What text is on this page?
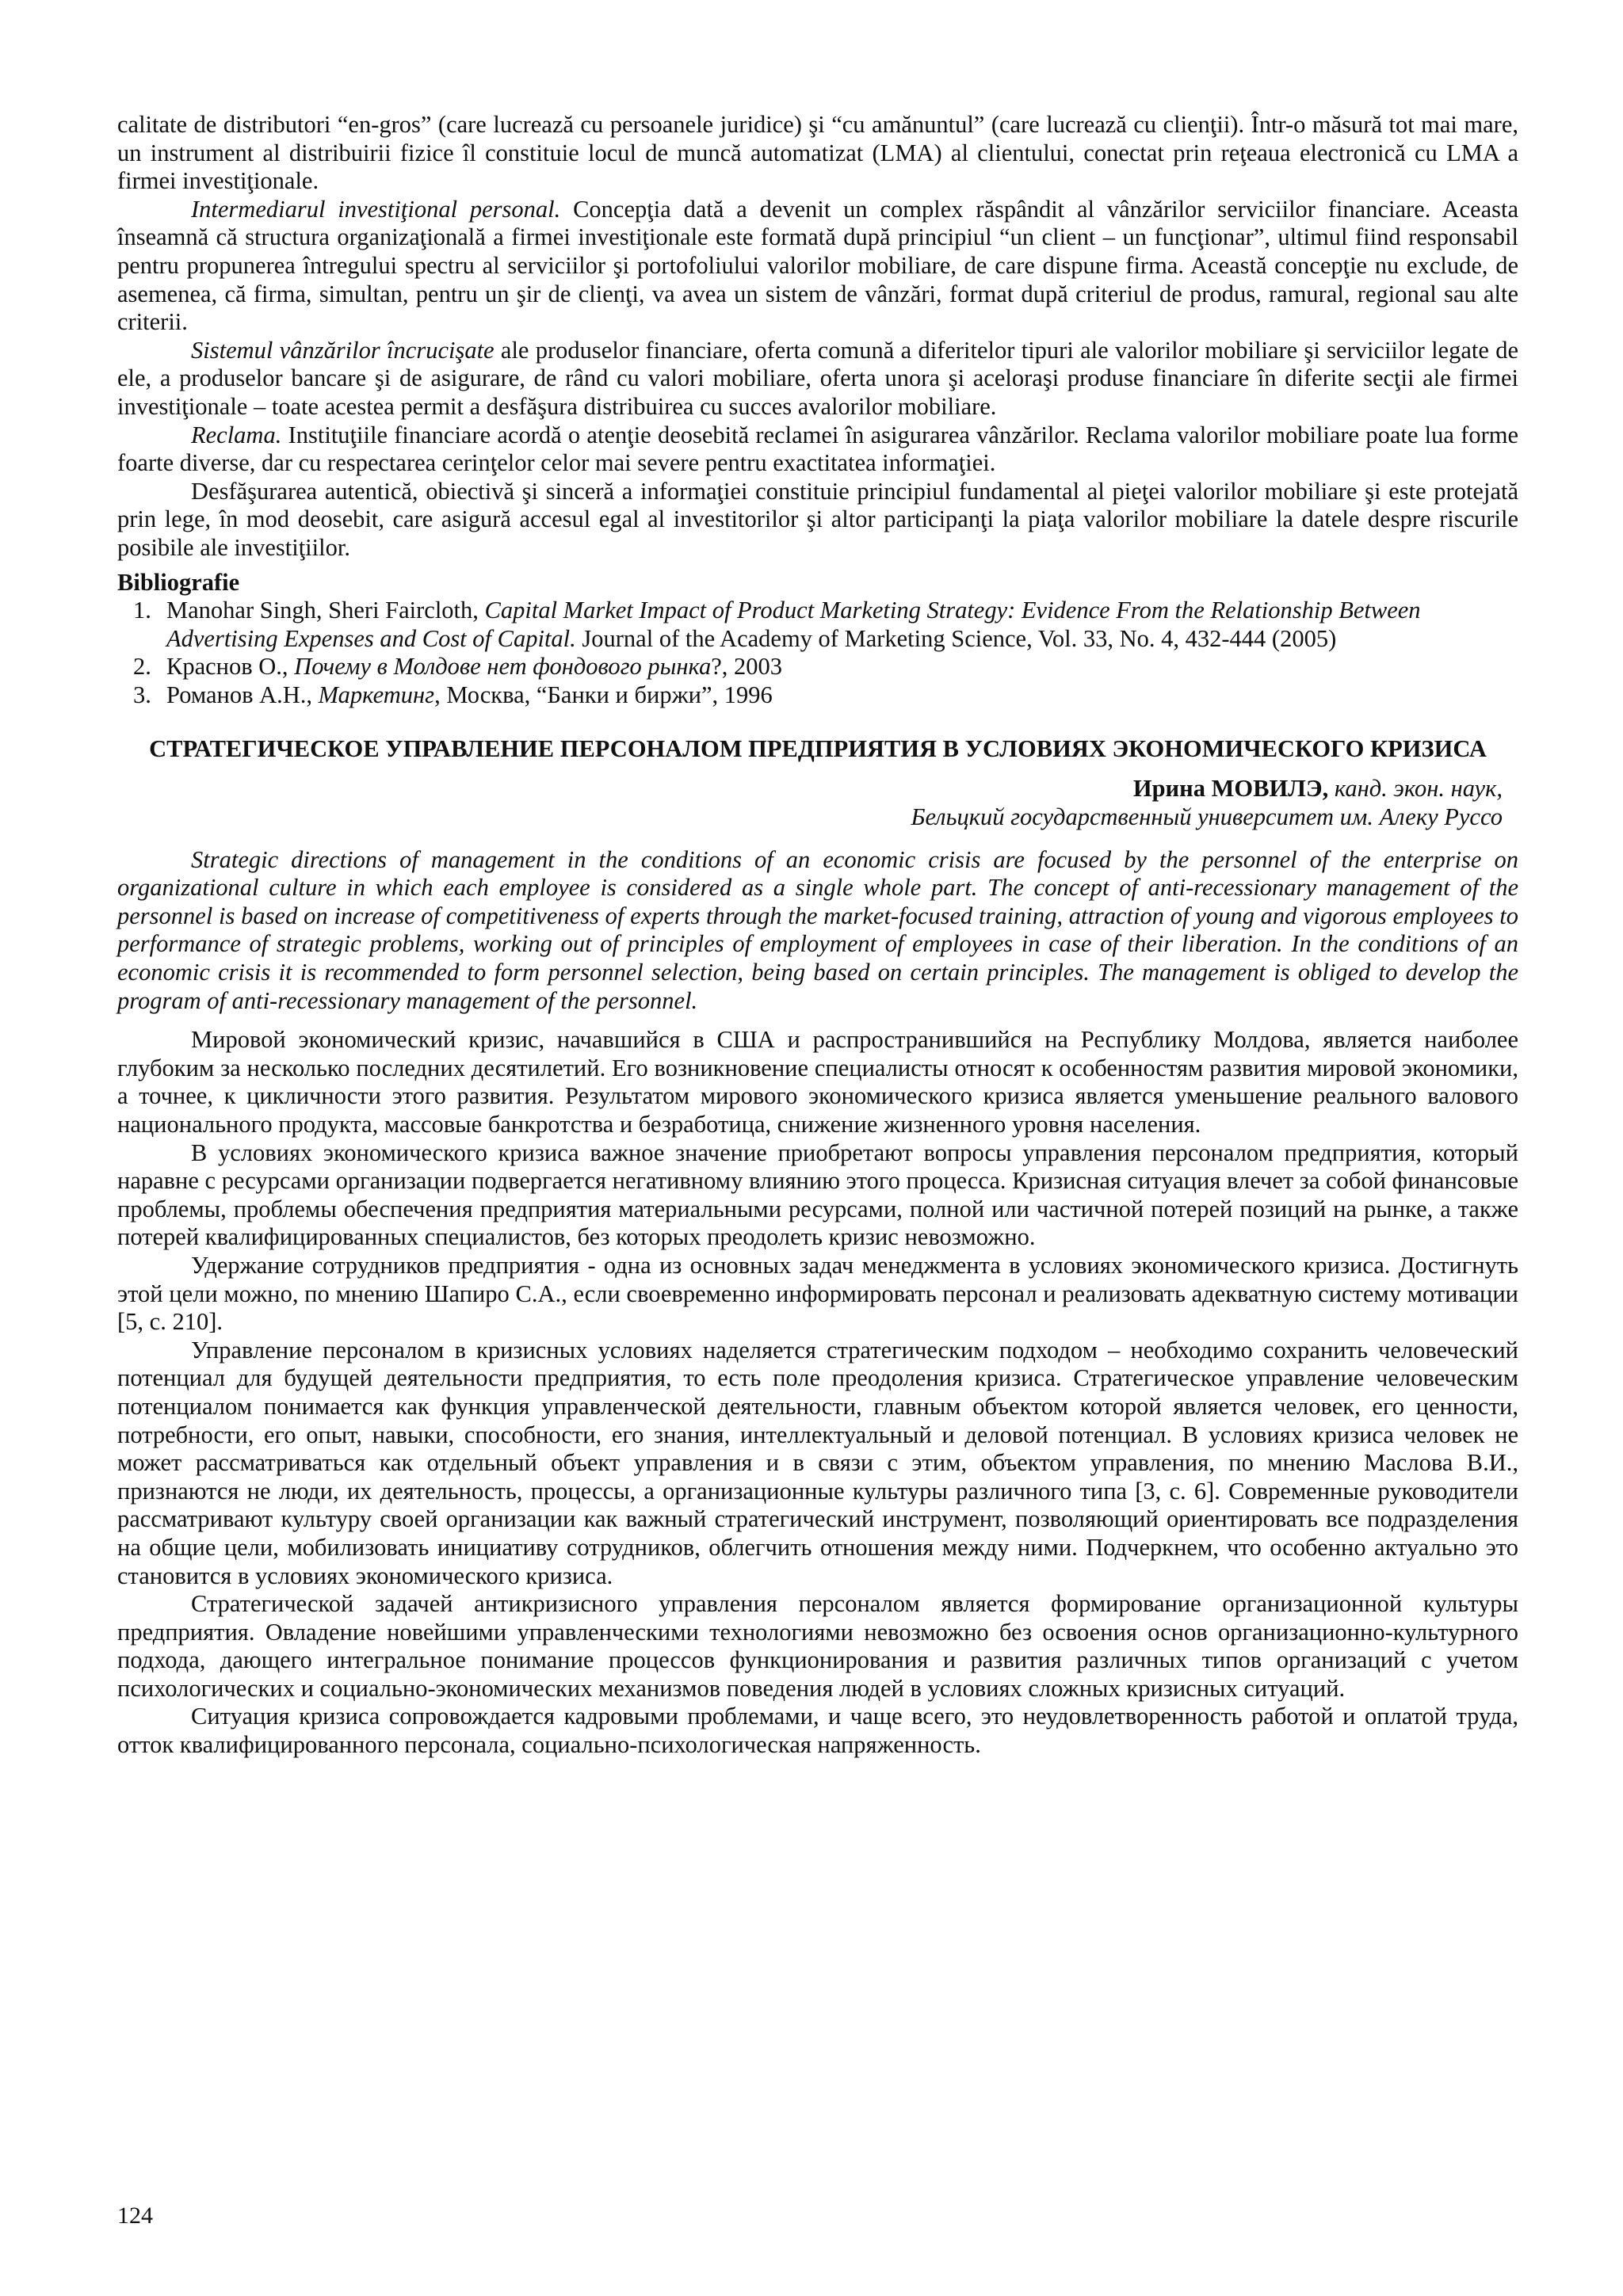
calitate de distributori “en-gros” (care lucrează cu persoanele juridice) şi “cu amănuntul” (care lucrează cu clienţii). Într-o măsură tot mai mare, un instrument al distribuirii fizice îl constituie locul de muncă automatizat (LMA) al clientului, conectat prin reţeaua electronică cu LMA a firmei investiţionale.

Intermediarul investiţional personal. Concepţia dată a devenit un complex răspândit al vânzărilor serviciilor financiare. Aceasta înseamnă că structura organizaţională a firmei investiţionale este formată după principiul “un client – un funcţionar”, ultimul fiind responsabil pentru propunerea întregului spectru al serviciilor şi portofoliului valorilor mobiliare, de care dispune firma. Această concepţie nu exclude, de asemenea, că firma, simultan, pentru un şir de clienţi, va avea un sistem de vânzări, format după criteriul de produs, ramural, regional sau alte criterii.

Sistemul vânzărilor încrucişate ale produselor financiare, oferta comună a diferitelor tipuri ale valorilor mobiliare şi serviciilor legate de ele, a produselor bancare şi de asigurare, de rând cu valori mobiliare, oferta unora şi aceloraşi produse financiare în diferite secţii ale firmei investiţionale – toate acestea permit a desfăşura distribuirea cu succes avalorilor mobiliare.

Reclama. Instituţiile financiare acordă o atenţie deosebită reclamei în asigurarea vânzărilor. Reclama valorilor mobiliare poate lua forme foarte diverse, dar cu respectarea cerinţelor celor mai severe pentru exactitatea informaţiei.

Desfăşurarea autentică, obiectivă şi sinceră a informaţiei constituie principiul fundamental al pieţei valorilor mobiliare şi este protejată prin lege, în mod deosebit, care asigură accesul egal al investitorilor şi altor participanţi la piaţa valorilor mobiliare la datele despre riscurile posibile ale investiţiilor.

Bibliografie
1. Manohar Singh, Sheri Faircloth, Capital Market Impact of Product Marketing Strategy: Evidence From the Relationship Between Advertising Expenses and Cost of Capital. Journal of the Academy of Marketing Science, Vol. 33, No. 4, 432-444 (2005)
2. Краснов О., Почему в Молдове нет фондового рынка?, 2003
3. Романов А.Н., Маркетинг, Москва, “Банки и биржи”, 1996
СТРАТЕГИЧЕСКОЕ УПРАВЛЕНИЕ ПЕРСОНАЛОМ ПРЕДПРИЯТИЯ В УСЛОВИЯХ ЭКОНОМИЧЕСКОГО КРИЗИСА
Ирина МОВИЛЭ, канд. экон. наук,
Бельцкий государственный университет им. Алеку Руссо

Strategic directions of management in the conditions of an economic crisis are focused by the personnel of the enterprise on organizational culture in which each employee is considered as a single whole part. The concept of anti-recessionary management of the personnel is based on increase of competitiveness of experts through the market-focused training, attraction of young and vigorous employees to performance of strategic problems, working out of principles of employment of employees in case of their liberation. In the conditions of an economic crisis it is recommended to form personnel selection, being based on certain principles. The management is obliged to develop the program of anti-recessionary management of the personnel.

Мировой экономический кризис, начавшийся в США и распространившийся на Республику Молдова, является наиболее глубоким за несколько последних десятилетий. Его возникновение специалисты относят к особенностям развития мировой экономики, а точнее, к цикличности этого развития. Результатом мирового экономического кризиса является уменьшение реального валового национального продукта, массовые банкротства и безработица, снижение жизненного уровня населения.

В условиях экономического кризиса важное значение приобретают вопросы управления персоналом предприятия, который наравне с ресурсами организации подвергается негативному влиянию этого процесса. Кризисная ситуация влечет за собой финансовые проблемы, проблемы обеспечения предприятия материальными ресурсами, полной или частичной потерей позиций на рынке, а также потерей квалифицированных специалистов, без которых преодолеть кризис невозможно.

Удержание сотрудников предприятия - одна из основных задач менеджмента в условиях экономического кризиса. Достигнуть этой цели можно, по мнению Шапиро С.А., если своевременно информировать персонал и реализовать адекватную систему мотивации [5, с. 210].

Управление персоналом в кризисных условиях наделяется стратегическим подходом – необходимо сохранить человеческий потенциал для будущей деятельности предприятия, то есть поле преодоления кризиса. Стратегическое управление человеческим потенциалом понимается как функция управленческой деятельности, главным объектом которой является человек, его ценности, потребности, его опыт, навыки, способности, его знания, интеллектуальный и деловой потенциал. В условиях кризиса человек не может рассматриваться как отдельный объект управления и в связи с этим, объектом управления, по мнению Маслова В.И., признаются не люди, их деятельность, процессы, а организационные культуры различного типа [3, с. 6]. Современные руководители рассматривают культуру своей организации как важный стратегический инструмент, позволяющий ориентировать все подразделения на общие цели, мобилизовать инициативу сотрудников, облегчить отношения между ними. Подчеркнем, что особенно актуально это становится в условиях экономического кризиса.

Стратегической задачей антикризисного управления персоналом является формирование организационной культуры предприятия. Овладение новейшими управленческими технологиями невозможно без освоения основ организационно-культурного подхода, дающего интегральное понимание процессов функционирования и развития различных типов организаций с учетом психологических и социально-экономических механизмов поведения людей в условиях сложных кризисных ситуаций.

Ситуация кризиса сопровождается кадровыми проблемами, и чаще всего, это неудовлетворенность работой и оплатой труда, отток квалифицированного персонала, социально-психологическая напряженность.

124
